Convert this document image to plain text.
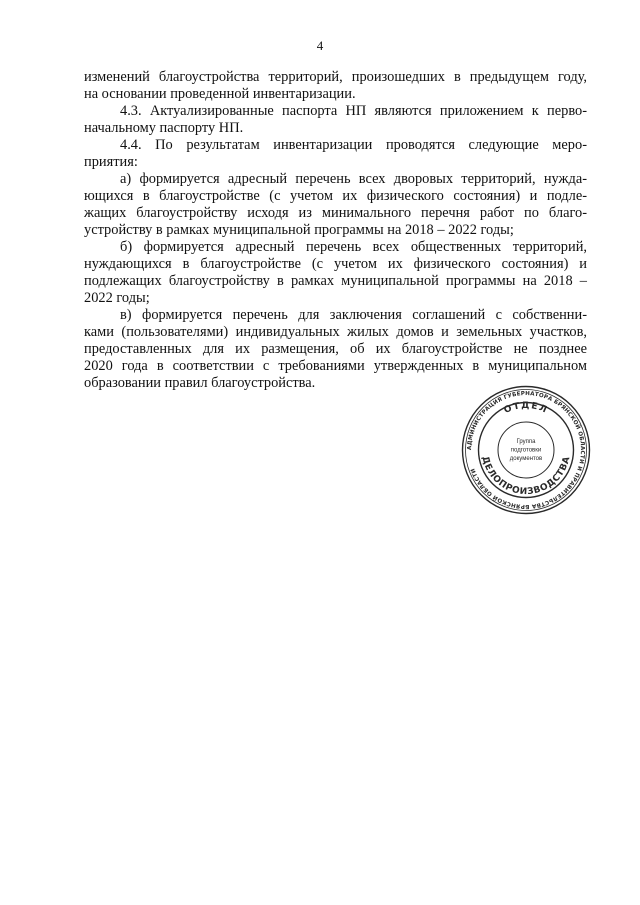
4
изменений благоустройства территорий, произошедших в предыдущем году,
на основании проведенной инвентаризации.
4.3. Актуализированные паспорта НП являются приложением к перво-
начальному паспорту НП.
4.4. По результатам инвентаризации проводятся следующие меро-
приятия:
а) формируется адресный перечень всех дворовых территорий, нужда-
ющихся в благоустройстве (с учетом их физического состояния) и подле-
жащих благоустройству исходя из минимального перечня работ по благо-
устройству в рамках муниципальной программы на 2018 – 2022 годы;
б) формируется адресный перечень всех общественных территорий,
нуждающихся в благоустройстве (с учетом их физического состояния) и
подлежащих благоустройству в рамках муниципальной программы на 2018 –
2022 годы;
в) формируется перечень для заключения соглашений с собственни-
ками (пользователями) индивидуальных жилых домов и земельных участков,
предоставленных для их размещения, об их благоустройстве не позднее
2020 года в соответствии с требованиями утвержденных в муниципальном
образовании правил благоустройства.
АДМИНИСТРАЦИЯ ГУБЕРНАТОРА БРЯНСКОЙ ОБЛАСТИ И ПРАВИТЕЛЬСТВА БРЯНСКОЙ ОБЛАСТИ
ОТДЕЛ
ДЕЛОПРОИЗВОДСТВА
Группа
подготовки
документов
